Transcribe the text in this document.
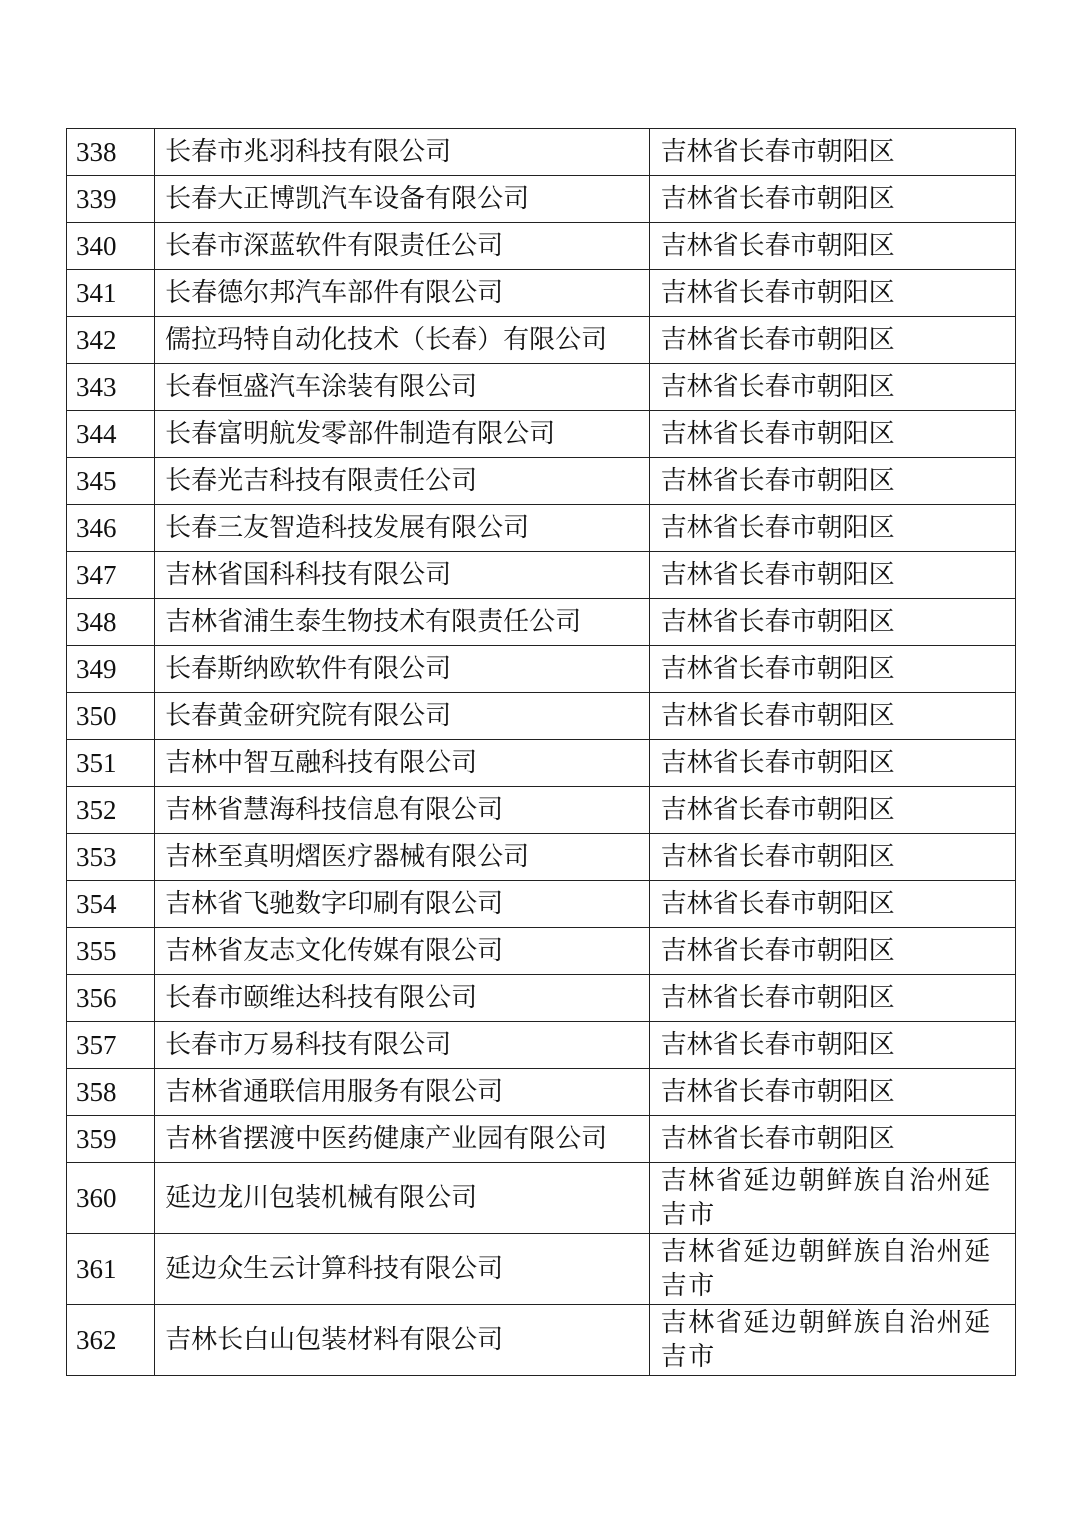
338	长春市兆羽科技有限公司	吉林省长春市朝阳区
339	长春大正博凯汽车设备有限公司	吉林省长春市朝阳区
340	长春市深蓝软件有限责任公司	吉林省长春市朝阳区
341	长春德尔邦汽车部件有限公司	吉林省长春市朝阳区
342	儒拉玛特自动化技术（长春）有限公司	吉林省长春市朝阳区
343	长春恒盛汽车涂装有限公司	吉林省长春市朝阳区
344	长春富明航发零部件制造有限公司	吉林省长春市朝阳区
345	长春光吉科技有限责任公司	吉林省长春市朝阳区
346	长春三友智造科技发展有限公司	吉林省长春市朝阳区
347	吉林省国科科技有限公司	吉林省长春市朝阳区
348	吉林省浦生泰生物技术有限责任公司	吉林省长春市朝阳区
349	长春斯纳欧软件有限公司	吉林省长春市朝阳区
350	长春黄金研究院有限公司	吉林省长春市朝阳区
351	吉林中智互融科技有限公司	吉林省长春市朝阳区
352	吉林省慧海科技信息有限公司	吉林省长春市朝阳区
353	吉林至真明熠医疗器械有限公司	吉林省长春市朝阳区
354	吉林省飞驰数字印刷有限公司	吉林省长春市朝阳区
355	吉林省友志文化传媒有限公司	吉林省长春市朝阳区
356	长春市颐维达科技有限公司	吉林省长春市朝阳区
357	长春市万易科技有限公司	吉林省长春市朝阳区
358	吉林省通联信用服务有限公司	吉林省长春市朝阳区
359	吉林省摆渡中医药健康产业园有限公司	吉林省长春市朝阳区
360	延边龙川包装机械有限公司	吉林省延边朝鲜族自治州延吉市
361	延边众生云计算科技有限公司	吉林省延边朝鲜族自治州延吉市
362	吉林长白山包装材料有限公司	吉林省延边朝鲜族自治州延吉市
